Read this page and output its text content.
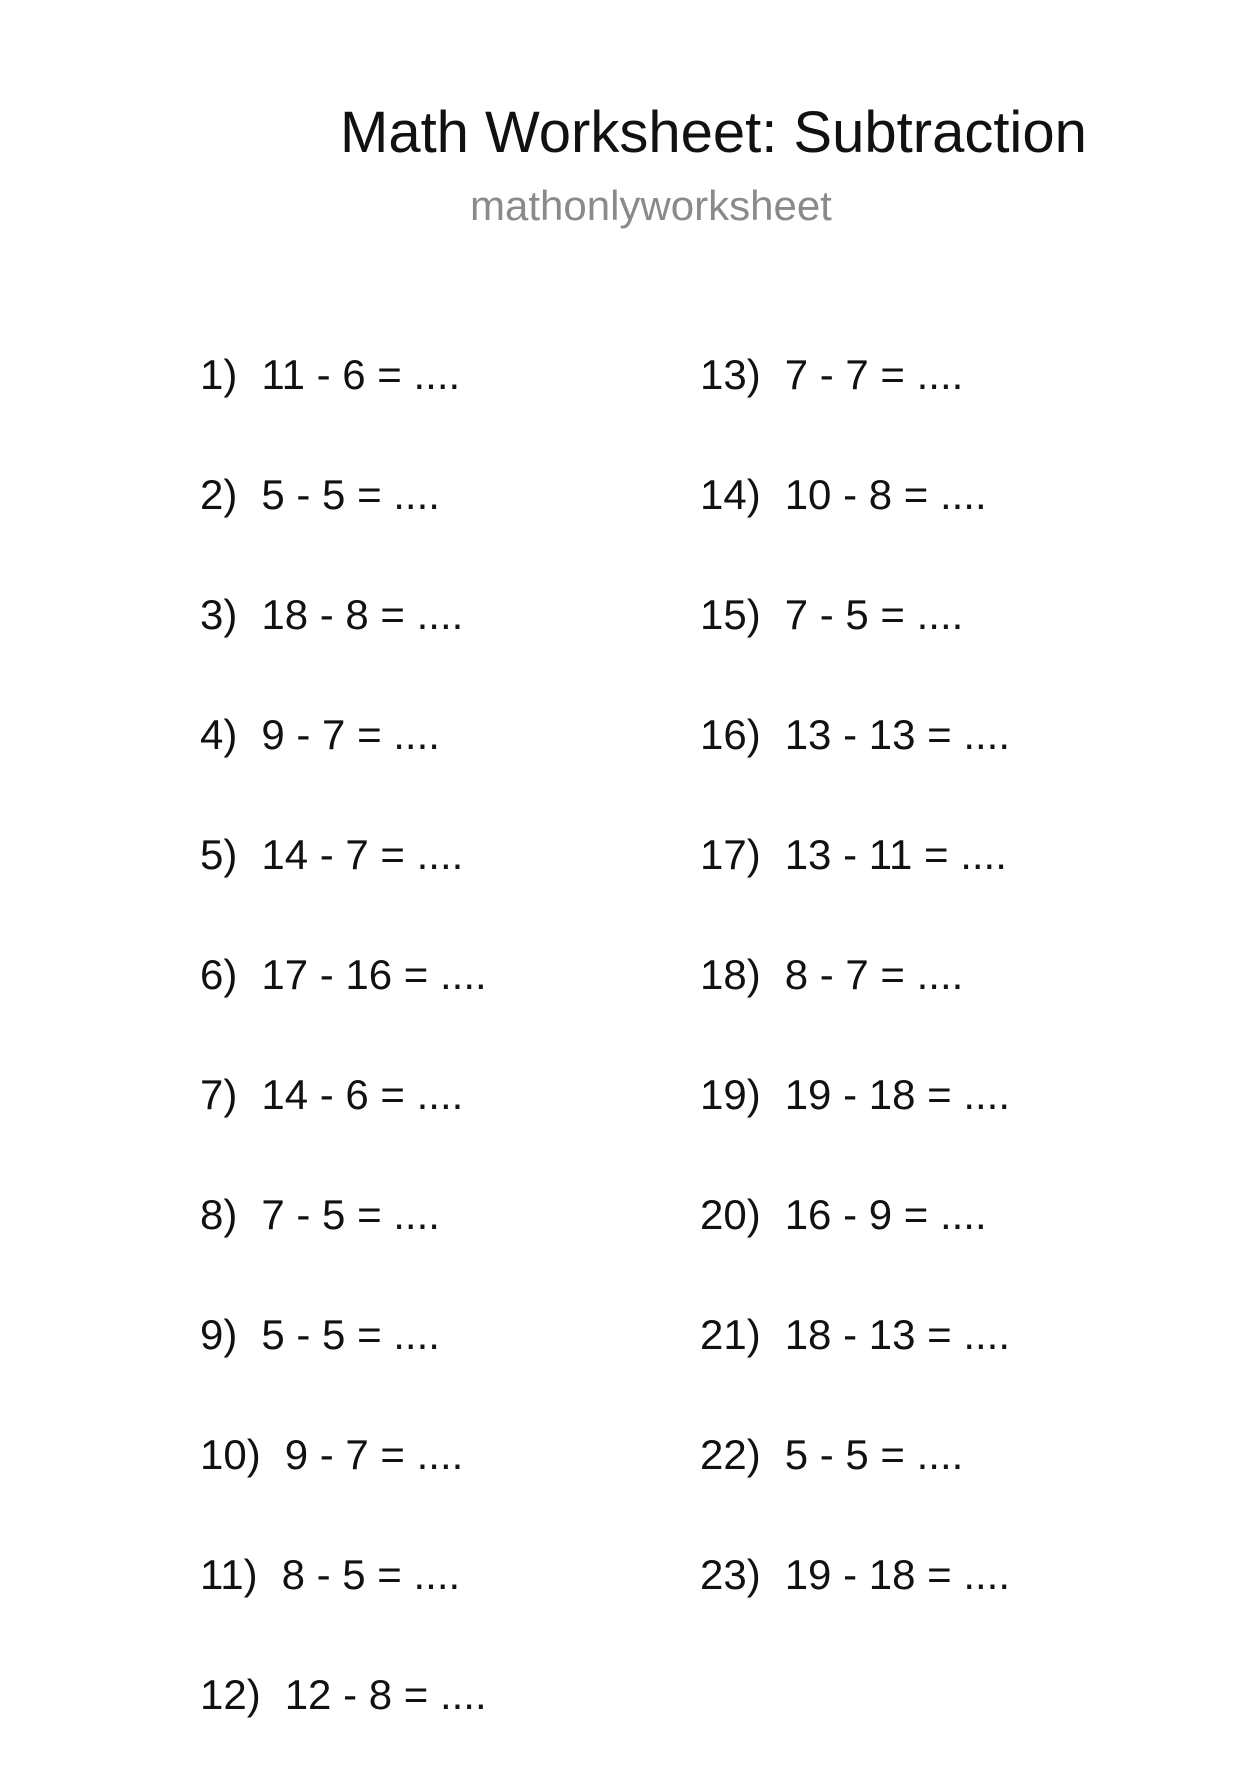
Math Worksheet: Subtraction
mathonlyworksheet
1) 11 - 6 = ....
2) 5 - 5 = ....
3) 18 - 8 = ....
4) 9 - 7 = ....
5) 14 - 7 = ....
6) 17 - 16 = ....
7) 14 - 6 = ....
8) 7 - 5 = ....
9) 5 - 5 = ....
10) 9 - 7 = ....
11) 8 - 5 = ....
12) 12 - 8 = ....
13) 7 - 7 = ....
14) 10 - 8 = ....
15) 7 - 5 = ....
16) 13 - 13 = ....
17) 13 - 11 = ....
18) 8 - 7 = ....
19) 19 - 18 = ....
20) 16 - 9 = ....
21) 18 - 13 = ....
22) 5 - 5 = ....
23) 19 - 18 = ....
